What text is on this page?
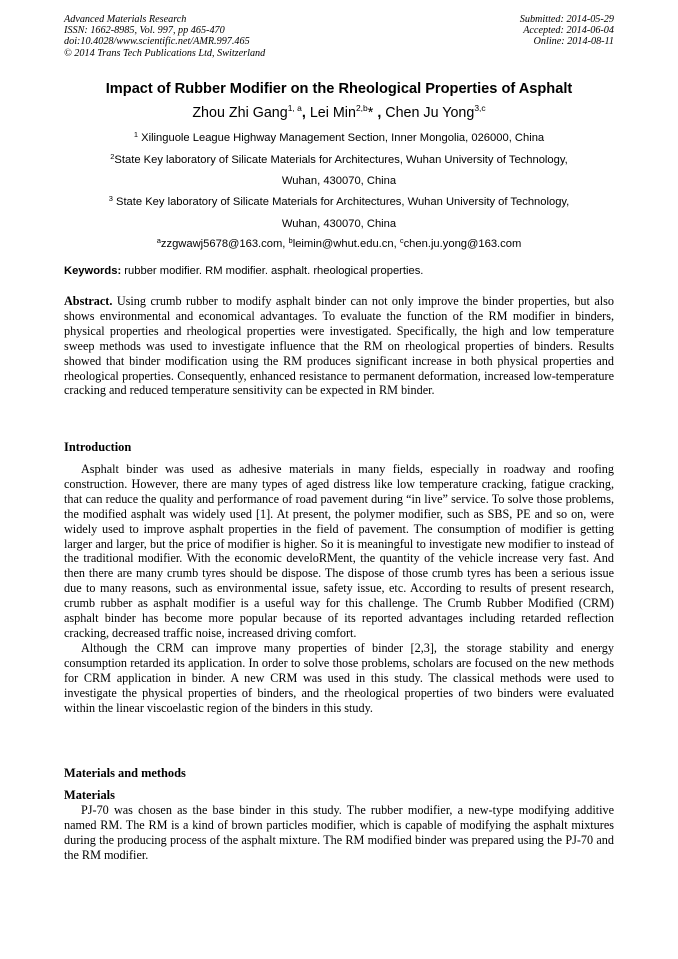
Advanced Materials Research
ISSN: 1662-8985, Vol. 997, pp 465-470
doi:10.4028/www.scientific.net/AMR.997.465
© 2014 Trans Tech Publications Ltd, Switzerland
Submitted: 2014-05-29
Accepted: 2014-06-04
Online: 2014-08-11
Impact of Rubber Modifier on the Rheological Properties of Asphalt
Zhou Zhi Gang$^{1, a}$, Lei Min$^{2,b}$* , Chen Ju Yong$^{3,c}$
$^1$ Xilinguole League Highway Management Section, Inner Mongolia, 026000, China
$^2$State Key laboratory of Silicate Materials for Architectures, Wuhan University of Technology,
Wuhan, 430070, China
$^3$ State Key laboratory of Silicate Materials for Architectures, Wuhan University of Technology,
Wuhan, 430070, China
$^a$zzgwawj5678@163.com, $^b$leimin@whut.edu.cn, $^c$chen.ju.yong@163.com
Keywords: rubber modifier. RM modifier. asphalt. rheological properties.

Abstract. Using crumb rubber to modify asphalt binder can not only improve the binder properties, but also shows environmental and economical advantages. To evaluate the function of the RM modifier in binders, physical properties and rheological properties were investigated. Specifically, the high and low temperature sweep methods was used to investigate influence that the RM on rheological properties of binders. Results showed that binder modification using the RM produces significant increase in both physical properties and rheological properties. Consequently, enhanced resistance to permanent deformation, increased low-temperature cracking and reduced temperature sensitivity can be expected in RM binder.

Introduction

Asphalt binder was used as adhesive materials in many fields, especially in roadway and roofing construction. However, there are many types of aged distress like low temperature cracking, fatigue cracking, that can reduce the quality and performance of road pavement during “in live” service. To solve those problems, the modified asphalt was widely used [1]. At present, the polymer modifier, such as SBS, PE and so on, were widely used to improve asphalt properties in the field of pavement. The consumption of modifier is getting larger and larger, but the price of modifier is higher. So it is meaningful to investigate new modifier to instead of the traditional modifier. With the economic develoRMent, the quantity of the vehicle increase very fast. And then there are many crumb tyres should be dispose. The dispose of those crumb tyres has been a serious issue due to many reasons, such as environmental issue, safety issue, etc. According to results of present research, crumb rubber as asphalt modifier is a useful way for this challenge. The Crumb Rubber Modified (CRM) asphalt binder has become more popular because of its reported advantages including retarded reflection cracking, decreased traffic noise, increased driving comfort.

Although the CRM can improve many properties of binder [2,3], the storage stability and energy consumption retarded its application. In order to solve those problems, scholars are focused on the new methods for CRM application in binder. A new CRM was used in this study. The classical methods were used to investigate the physical properties of binders, and the rheological properties of two binders were evaluated within the linear viscoelastic region of the binders in this study.

Materials and methods
Materials

PJ-70 was chosen as the base binder in this study. The rubber modifier, a new-type modifying additive named RM. The RM is a kind of brown particles modifier, which is capable of modifying the asphalt mixtures during the producing process of the asphalt mixture. The RM modified binder was prepared using the PJ-70 and the RM modifier.
